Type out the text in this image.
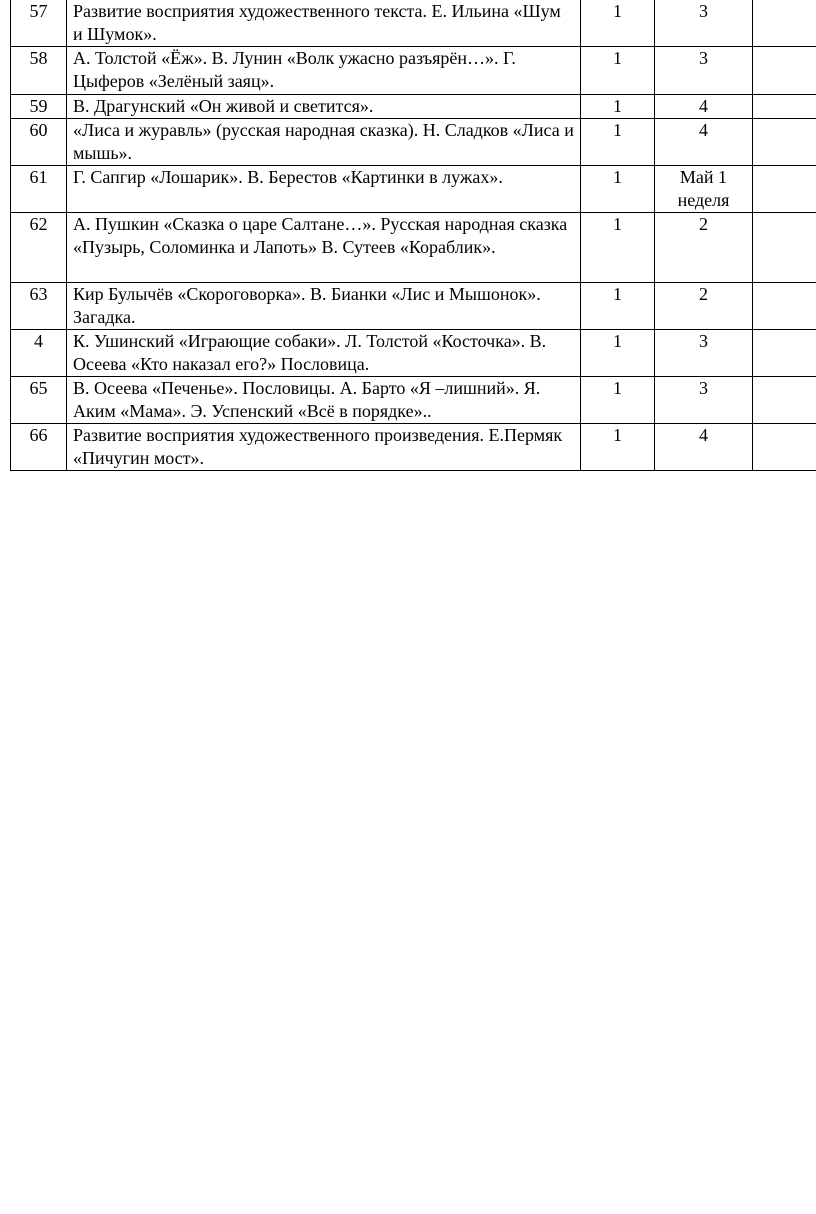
57	Развитие восприятия художественного текста. Е. Ильина «Шум и Шумок».	1	3	
58	А. Толстой «Ёж». В. Лунин «Волк ужасно разъярён…». Г. Цыферов «Зелёный заяц».	1	3	
59	В. Драгунский «Он живой и светится».	1	4	
60	«Лиса и журавль» (русская народная сказка). Н. Сладков «Лиса и мышь».	1	4	
61	Г. Сапгир «Лошарик». В. Берестов «Картинки в лужах».	1	Май 1 неделя	
62	А. Пушкин «Сказка о царе Салтане…». Русская народная сказка «Пузырь, Соломинка и Лапоть» В. Сутеев «Кораблик».	1	2	
63	Кир Булычёв «Скороговорка». В. Бианки «Лис и Мышонок». Загадка.	1	2	
4	К. Ушинский «Играющие собаки». Л. Толстой «Косточка». В. Осеева «Кто наказал его?» Пословица.	1	3	
65	В. Осеева «Печенье». Пословицы. А. Барто «Я –лишний». Я. Аким «Мама». Э. Успенский «Всё в порядке»..	1	3	
66	Развитие восприятия художественного произведения. Е.Пермяк «Пичугин мост».	1	4	
